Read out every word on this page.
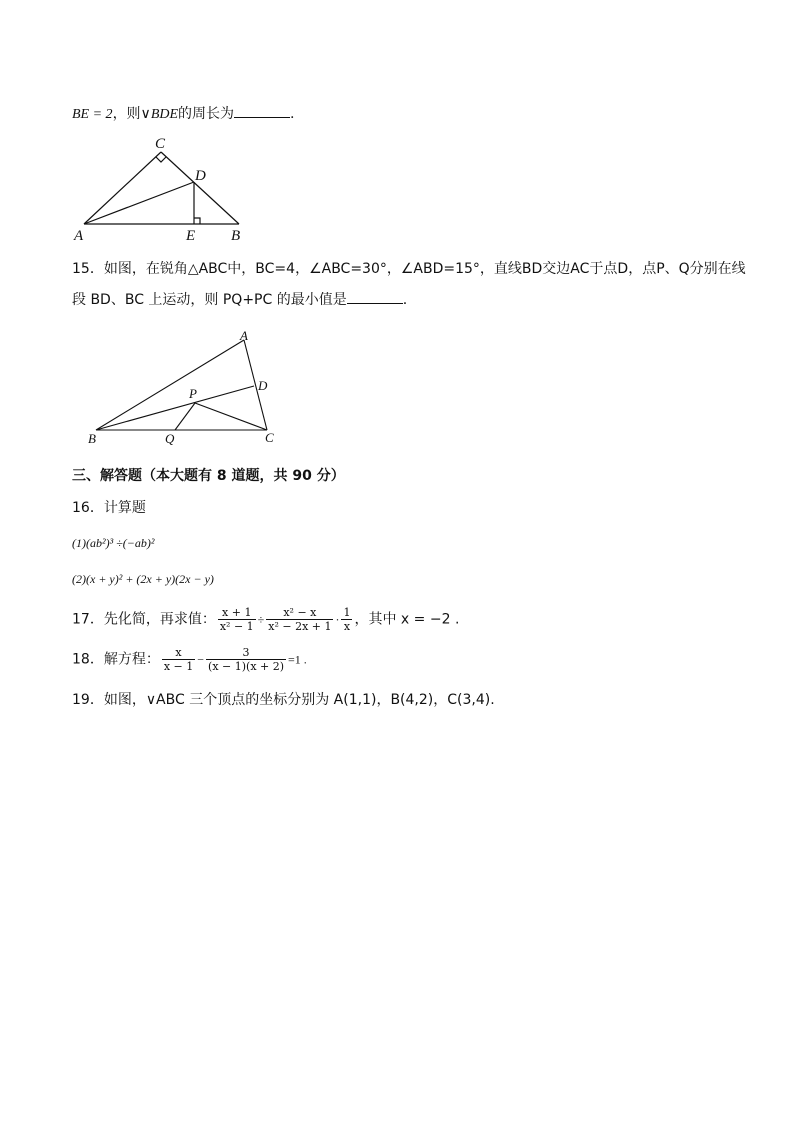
BE = 2，则∨BDE的周长为	.
C
D
A	E B
15．如图，在锐角△ABC中，BC=4，∠ABC=30°，∠ABD=15°，直线BD交边AC于点D，点P、Q分别在线
段 BD、BC 上运动，则 PQ+PC 的最小值是	.
A
D
P
B	Q	C
三、解答题（本大题有 8 道题，共 90 分）
16．计算题
(1)(ab²)³ ÷(−ab)²
(2)(x + y)² + (2x + y)(2x − y)
17．先化简，再求值： $\frac{x + 1}{\text{x² − 1}} \div \frac{\text{x² − x}}{\text{x² − 2x + 1}} \cdot \frac{1}{x}$ ，其中 x = −2 .
18．解方程： $\frac{x}{x - 1} - \frac{3}{(x - 1)(x + 2)} =1$ .
19．如图，∨ABC 三个顶点的坐标分别为 A(1,1)，B(4,2)，C(3,4).
